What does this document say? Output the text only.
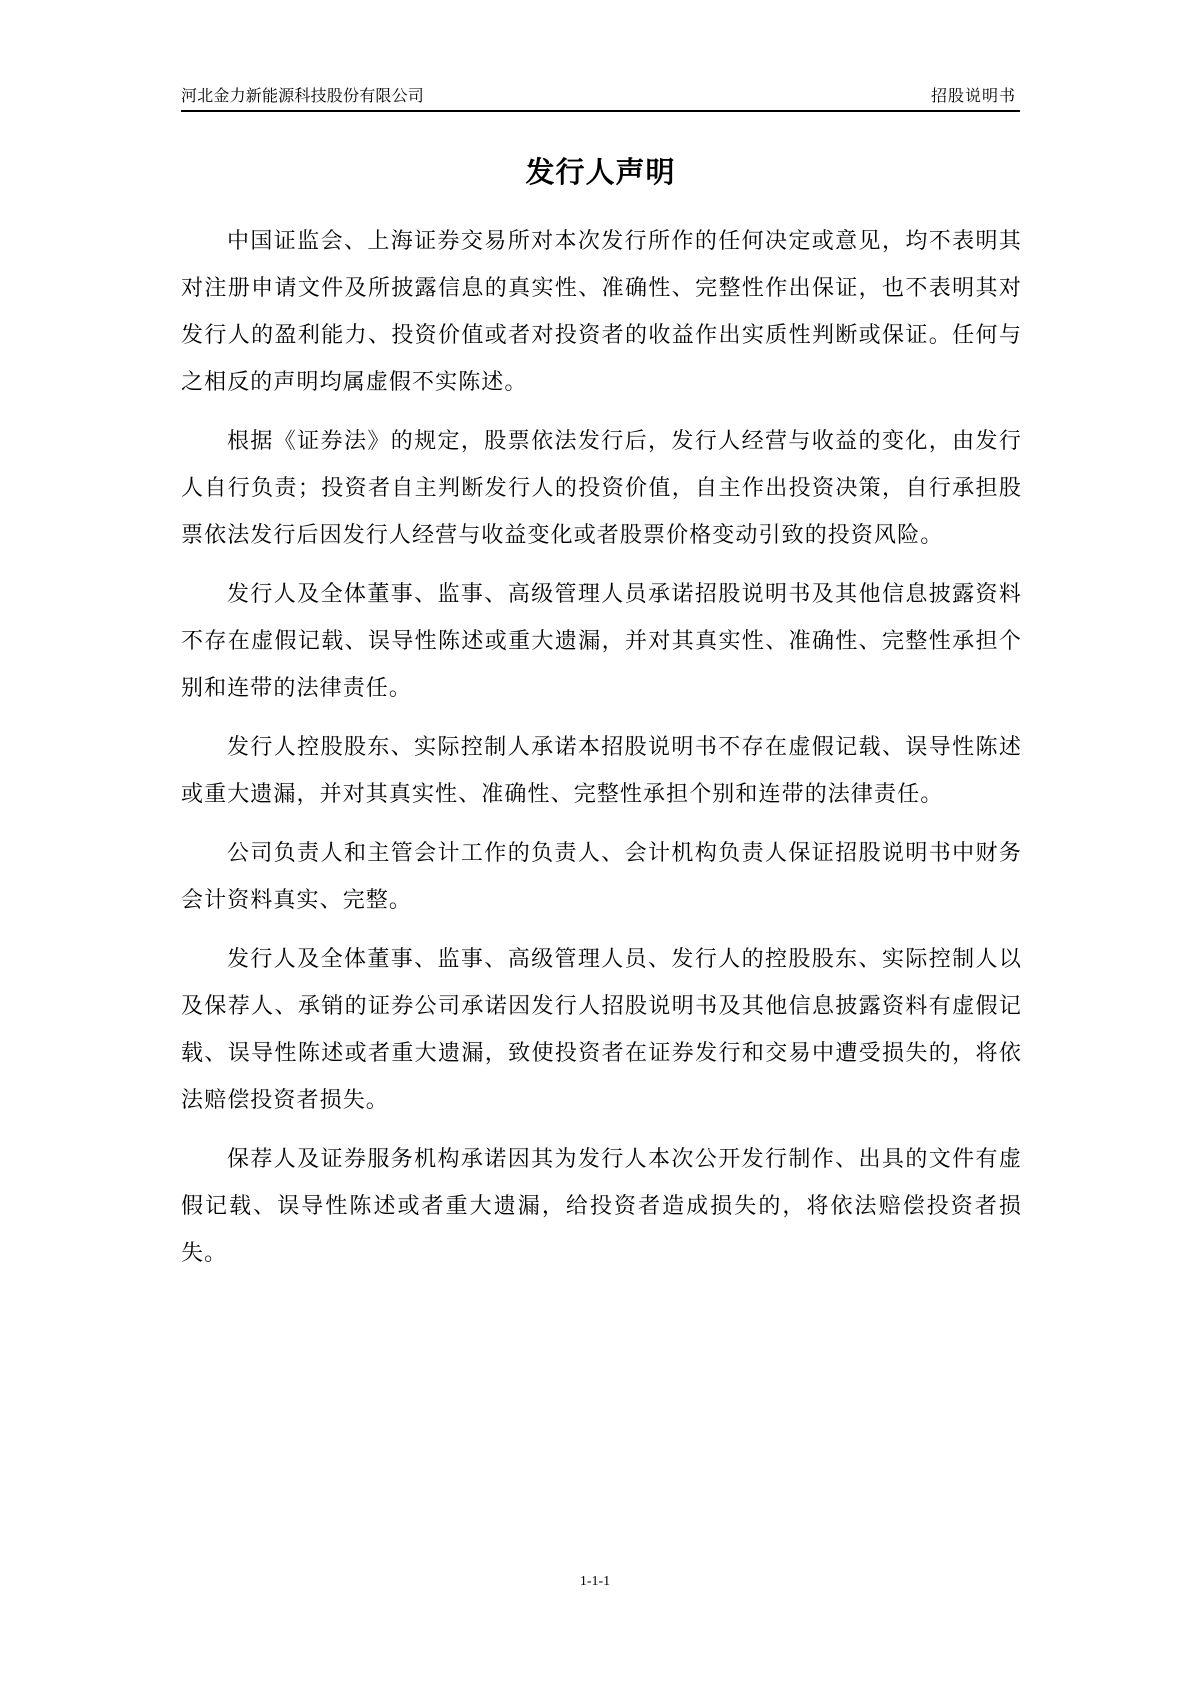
河北金力新能源科技股份有限公司	招股说明书
发行人声明

中国证监会、上海证券交易所对本次发行所作的任何决定或意见，均不表明其对注册申请文件及所披露信息的真实性、准确性、完整性作出保证，也不表明其对发行人的盈利能力、投资价值或者对投资者的收益作出实质性判断或保证。任何与之相反的声明均属虚假不实陈述。

根据《证券法》的规定，股票依法发行后，发行人经营与收益的变化，由发行人自行负责；投资者自主判断发行人的投资价值，自主作出投资决策，自行承担股票依法发行后因发行人经营与收益变化或者股票价格变动引致的投资风险。

发行人及全体董事、监事、高级管理人员承诺招股说明书及其他信息披露资料不存在虚假记载、误导性陈述或重大遗漏，并对其真实性、准确性、完整性承担个别和连带的法律责任。

发行人控股股东、实际控制人承诺本招股说明书不存在虚假记载、误导性陈述或重大遗漏，并对其真实性、准确性、完整性承担个别和连带的法律责任。

公司负责人和主管会计工作的负责人、会计机构负责人保证招股说明书中财务会计资料真实、完整。

发行人及全体董事、监事、高级管理人员、发行人的控股股东、实际控制人以及保荐人、承销的证券公司承诺因发行人招股说明书及其他信息披露资料有虚假记载、误导性陈述或者重大遗漏，致使投资者在证券发行和交易中遭受损失的，将依法赔偿投资者损失。

保荐人及证券服务机构承诺因其为发行人本次公开发行制作、出具的文件有虚假记载、误导性陈述或者重大遗漏，给投资者造成损失的，将依法赔偿投资者损失。

1-1-1
